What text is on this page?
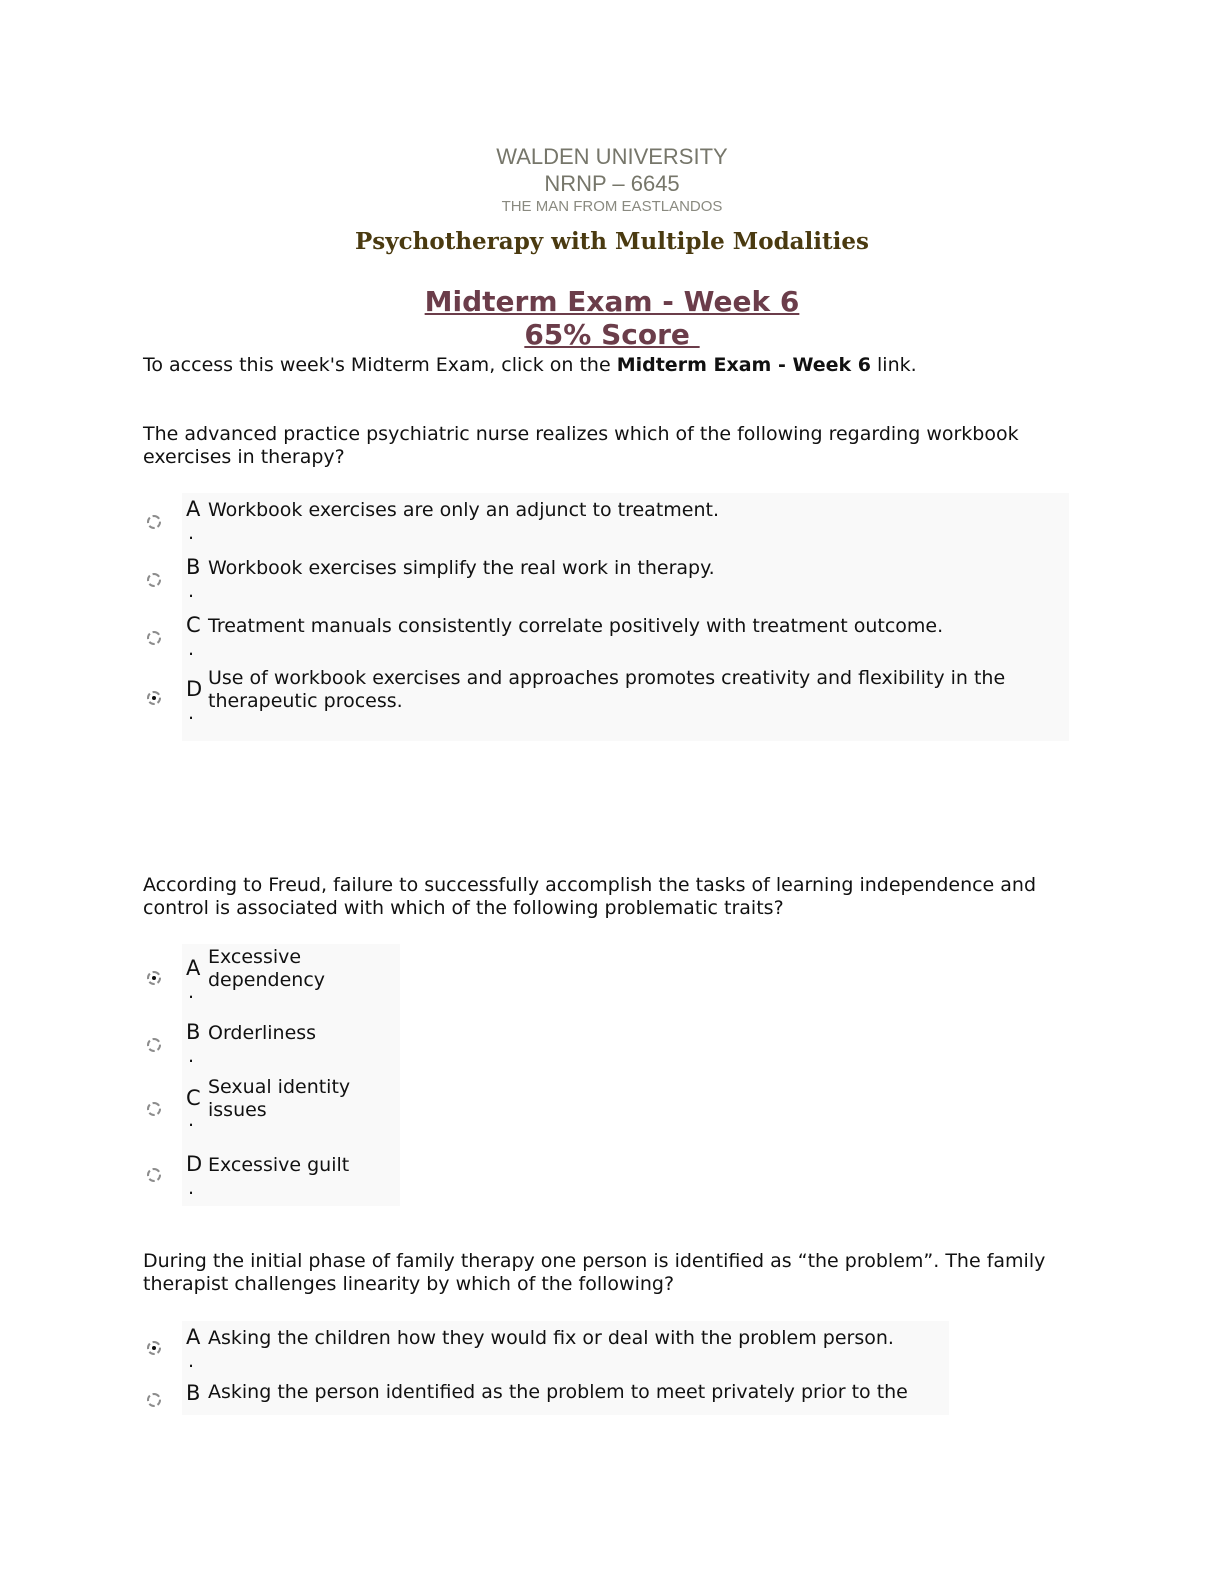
WALDEN UNIVERSITY
NRNP – 6645
THE MAN FROM EASTLANDOS
Psychotherapy with Multiple Modalities
Midterm Exam - Week 6
65% Score
To access this week's Midterm Exam, click on the Midterm Exam - Week 6 link.
The advanced practice psychiatric nurse realizes which of the following regarding workbook exercises in therapy?
A
.
Workbook exercises are only an adjunct to treatment.
B
.
Workbook exercises simplify the real work in therapy.
C
.
Treatment manuals consistently correlate positively with treatment outcome.
D
.
Use of workbook exercises and approaches promotes creativity and flexibility in the therapeutic process.
According to Freud, failure to successfully accomplish the tasks of learning independence and control is associated with which of the following problematic traits?
A
.
Excessive dependency
B
.
Orderliness
C
.
Sexual identity issues
D
.
Excessive guilt
During the initial phase of family therapy one person is identified as “the problem”. The family therapist challenges linearity by which of the following?
A
.
Asking the children how they would fix or deal with the problem person.
B Asking the person identified as the problem to meet privately prior to the
